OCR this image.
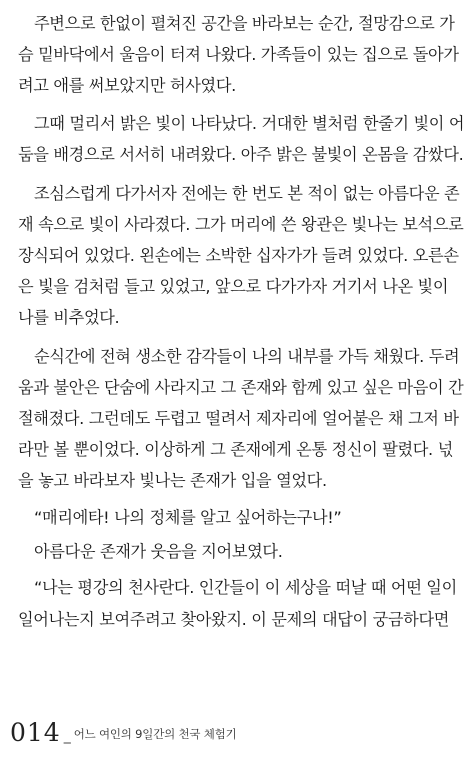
주변으로 한없이 펼쳐진 공간을 바라보는 순간, 절망감으로 가
슴 밑바닥에서 울음이 터져 나왔다. 가족들이 있는 집으로 돌아가
려고 애를 써보았지만 허사였다.
그때 멀리서 밝은 빛이 나타났다. 거대한 별처럼 한줄기 빛이 어
둠을 배경으로 서서히 내려왔다. 아주 밝은 불빛이 온몸을 감쌌다.
조심스럽게 다가서자 전에는 한 번도 본 적이 없는 아름다운 존
재 속으로 빛이 사라졌다. 그가 머리에 쓴 왕관은 빛나는 보석으로
장식되어 있었다. 왼손에는 소박한 십자가가 들려 있었다. 오른손
은 빛을 검처럼 들고 있었고, 앞으로 다가가자 거기서 나온 빛이
나를 비추었다.
순식간에 전혀 생소한 감각들이 나의 내부를 가득 채웠다. 두려
움과 불안은 단숨에 사라지고 그 존재와 함께 있고 싶은 마음이 간
절해졌다. 그런데도 두렵고 떨려서 제자리에 얼어붙은 채 그저 바
라만 볼 뿐이었다. 이상하게 그 존재에게 온통 정신이 팔렸다. 넋
을 놓고 바라보자 빛나는 존재가 입을 열었다.
“매리에타! 나의 정체를 알고 싶어하는구나!”
아름다운 존재가 웃음을 지어보였다.
“나는 평강의 천사란다. 인간들이 이 세상을 떠날 때 어떤 일이
일어나는지 보여주려고 찾아왔지. 이 문제의 대답이 궁금하다면
014 _ 어느 여인의 9일간의 천국 체험기
